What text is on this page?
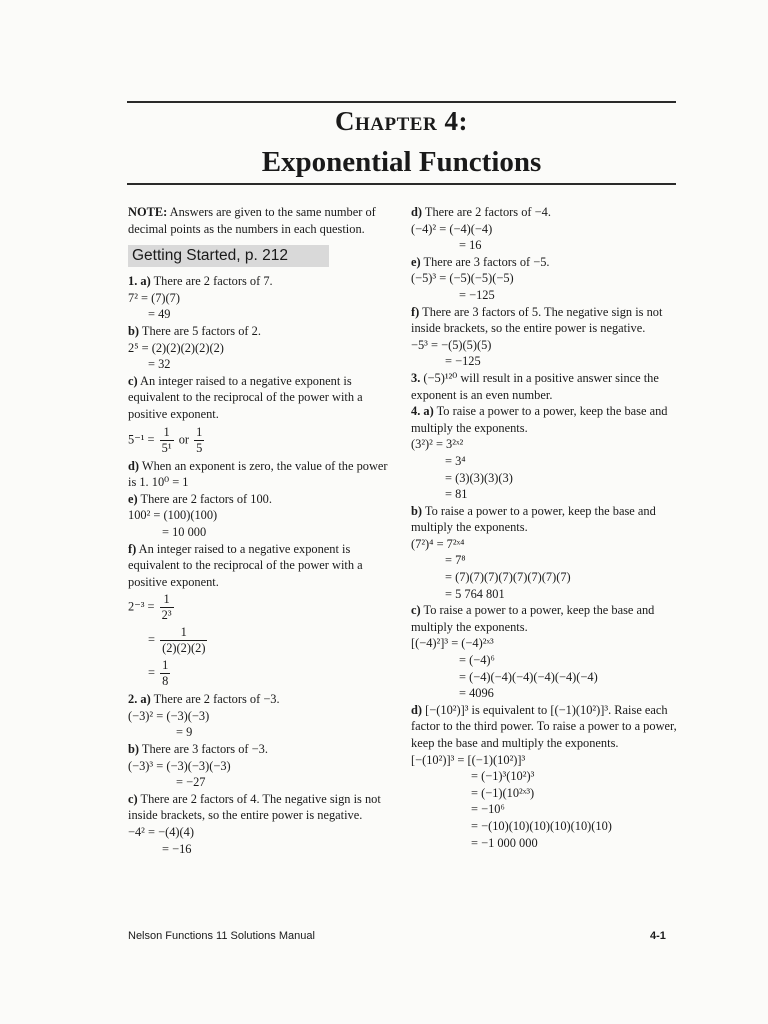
Chapter 4:
Exponential Functions
NOTE: Answers are given to the same number of decimal points as the numbers in each question.
Getting Started, p. 212
1. a) There are 2 factors of 7.
7² = (7)(7)
= 49
b) There are 5 factors of 2.
2⁵ = (2)(2)(2)(2)(2)
= 32
c) An integer raised to a negative exponent is equivalent to the reciprocal of the power with a positive exponent.
$5^{-1} = \frac{1}{\text{5¹}}$ or $\frac{1}{5}$
d) When an exponent is zero, the value of the power is 1. 10⁰ = 1
e) There are 2 factors of 100.
100² = (100)(100)
= 10 000
f) An integer raised to a negative exponent is equivalent to the reciprocal of the power with a positive exponent.
$2^{-3} = \frac{1}{\text{2³}}$
= $\frac{1}{(2)(2)(2)}$
= $\frac{1}{8}$
2. a) There are 2 factors of −3.
(−3)² = (−3)(−3)
= 9
b) There are 3 factors of −3.
(−3)³ = (−3)(−3)(−3)
= −27
c) There are 2 factors of 4. The negative sign is not inside brackets, so the entire power is negative.
−4² = −(4)(4)
= −16
d) There are 2 factors of −4.
(−4)² = (−4)(−4)
= 16
e) There are 3 factors of −5.
(−5)³ = (−5)(−5)(−5)
= −125
f) There are 3 factors of 5. The negative sign is not inside brackets, so the entire power is negative.
−5³ = −(5)(5)(5)
= −125
3. (−5)¹²⁰ will result in a positive answer since the exponent is an even number.
4. a) To raise a power to a power, keep the base and multiply the exponents.
(3²)² = 3²ˣ²
= 3⁴
= (3)(3)(3)(3)
= 81
b) To raise a power to a power, keep the base and multiply the exponents.
(7²)⁴ = 7²ˣ⁴
= 7⁸
= (7)(7)(7)(7)(7)(7)(7)(7)
= 5 764 801
c) To raise a power to a power, keep the base and multiply the exponents.
[(−4)²]³ = (−4)²ˣ³
= (−4)⁶
= (−4)(−4)(−4)(−4)(−4)(−4)
= 4096
d) [−(10²)]³ is equivalent to [(−1)(10²)]³. Raise each factor to the third power. To raise a power to a power, keep the base and multiply the exponents.
[−(10²)]³ = [(−1)(10²)]³
= (−1)³(10²)³
= (−1)(10²ˣ³)
= −10⁶
= −(10)(10)(10)(10)(10)(10)
= −1 000 000
Nelson Functions 11 Solutions Manual	4-1
